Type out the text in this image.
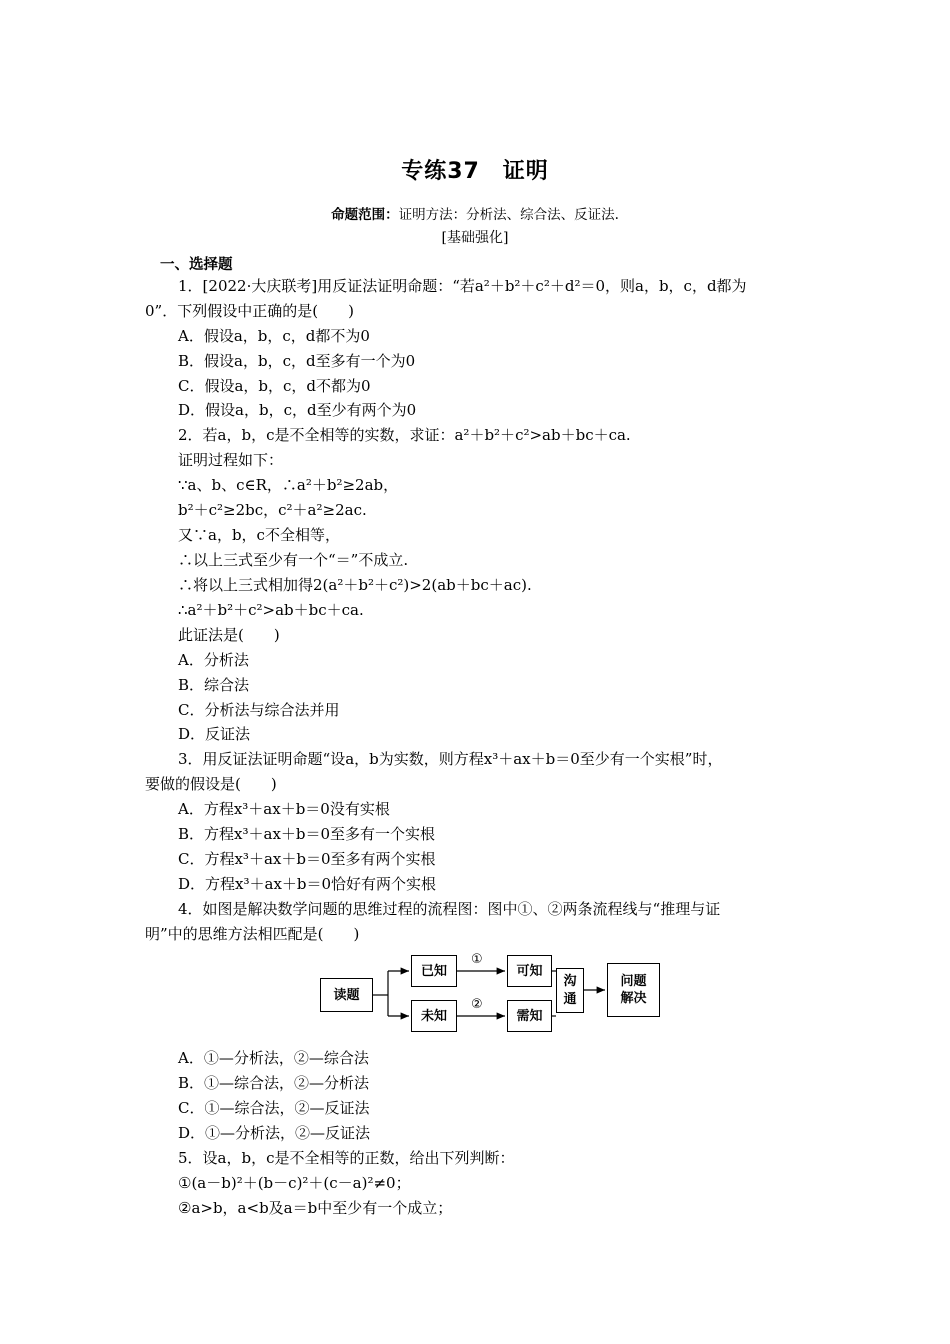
专练37　证明
命题范围：证明方法：分析法、综合法、反证法.
[基础强化]
一、选择题
1．[2022·大庆联考]用反证法证明命题：“若a²＋b²＋c²＋d²＝0，则a，b，c，d都为
0”．下列假设中正确的是(　　)
A．假设a，b，c，d都不为0
B．假设a，b，c，d至多有一个为0
C．假设a，b，c，d不都为0
D．假设a，b，c，d至少有两个为0
2．若a，b，c是不全相等的实数，求证：a²＋b²＋c²>ab＋bc＋ca.
证明过程如下：
∵a、b、c∈R，∴a²＋b²≥2ab，
b²＋c²≥2bc，c²＋a²≥2ac.
又∵a，b，c不全相等，
∴以上三式至少有一个“＝”不成立.
∴将以上三式相加得2(a²＋b²＋c²)>2(ab＋bc＋ac).
∴a²＋b²＋c²>ab＋bc＋ca.
此证法是(　　)
A．分析法
B．综合法
C．分析法与综合法并用
D．反证法
3．用反证法证明命题“设a，b为实数，则方程x³＋ax＋b＝0至少有一个实根”时，
要做的假设是(　　)
A．方程x³＋ax＋b＝0没有实根
B．方程x³＋ax＋b＝0至多有一个实根
C．方程x³＋ax＋b＝0至多有两个实根
D．方程x³＋ax＋b＝0恰好有两个实根
4．如图是解决数学问题的思维过程的流程图：图中①、②两条流程线与“推理与证
明”中的思维方法相匹配是(　　)
读题
已知
未知
可知
需知
沟通
问题
解决
①
②
A．①—分析法，②—综合法
B．①—综合法，②—分析法
C．①—综合法，②—反证法
D．①—分析法，②—反证法
5．设a，b，c是不全相等的正数，给出下列判断：
①(a－b)²＋(b－c)²＋(c－a)²≠0；
②a>b，a<b及a＝b中至少有一个成立；
